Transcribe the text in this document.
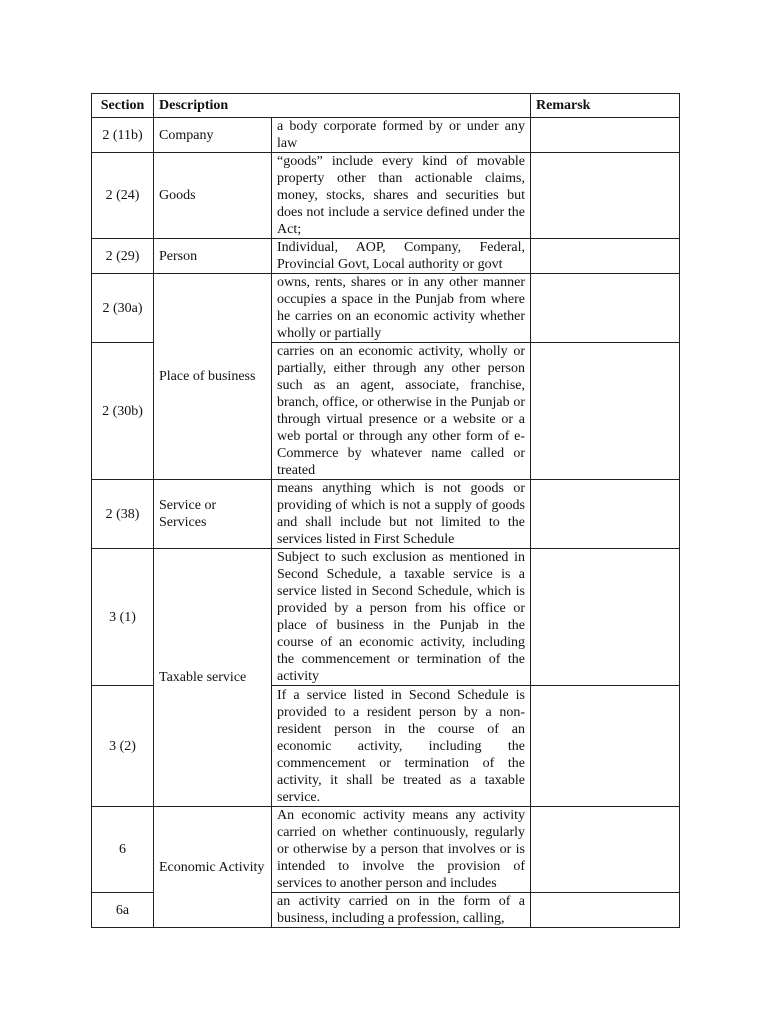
Section	Description		Remarsk
2 (11b)	Company	a body corporate formed by or under any law	
2 (24)	Goods	“goods” include every kind of movable property other than actionable claims, money, stocks, shares and securities but does not include a service defined under the Act;	
2 (29)	Person	Individual, AOP, Company, Federal, Provincial Govt, Local authority or govt	
2 (30a)	Place of business	owns, rents, shares or in any other manner occupies a space in the Punjab from where he carries on an economic activity whether wholly or partially	
2 (30b)		carries on an economic activity, wholly or partially, either through any other person such as an agent, associate, franchise, branch, office, or otherwise in the Punjab or through virtual presence or a website or a web portal or through any other form of e-Commerce by whatever name called or treated	
2 (38)	Service or Services	means anything which is not goods or providing of which is not a supply of goods and shall include but not limited to the services listed in First Schedule	
3 (1)	Taxable service	Subject to such exclusion as mentioned in Second Schedule, a taxable service is a service listed in Second Schedule, which is provided by a person from his office or place of business in the Punjab in the course of an economic activity, including the commencement or termination of the activity	
3 (2)		If a service listed in Second Schedule is provided to a resident person by a non-resident person in the course of an economic activity, including the commencement or termination of the activity, it shall be treated as a taxable service.	
6	Economic Activity	An economic activity means any activity carried on whether continuously, regularly or otherwise by a person that involves or is intended to involve the provision of services to another person and includes	
6a		an activity carried on in the form of a business, including a profession, calling,	
